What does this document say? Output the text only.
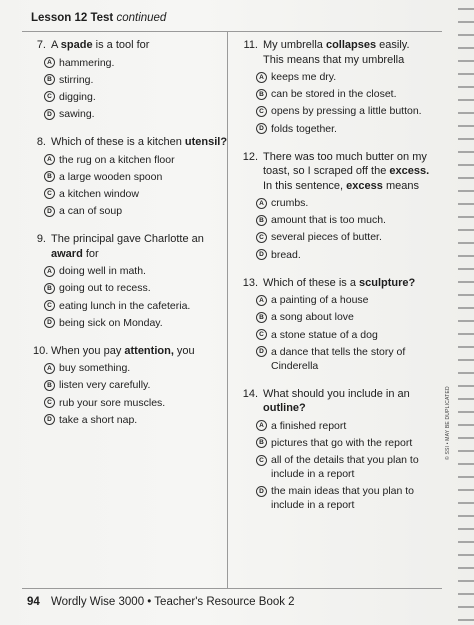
Lesson 12 Test continued
7. A spade is a tool for
A hammering.
B stirring.
C digging.
D sawing.
8. Which of these is a kitchen utensil?
A the rug on a kitchen floor
B a large wooden spoon
C a kitchen window
D a can of soup
9. The principal gave Charlotte an award for
A doing well in math.
B going out to recess.
C eating lunch in the cafeteria.
D being sick on Monday.
10. When you pay attention, you
A buy something.
B listen very carefully.
C rub your sore muscles.
D take a short nap.
11. My umbrella collapses easily. This means that my umbrella
A keeps me dry.
B can be stored in the closet.
C opens by pressing a little button.
D folds together.
12. There was too much butter on my toast, so I scraped off the excess. In this sentence, excess means
A crumbs.
B amount that is too much.
C several pieces of butter.
D bread.
13. Which of these is a sculpture?
A a painting of a house
B a song about love
C a stone statue of a dog
D a dance that tells the story of Cinderella
14. What should you include in an outline?
A a finished report
B pictures that go with the report
C all of the details that you plan to include in a report
D the main ideas that you plan to include in a report
94 Wordly Wise 3000 • Teacher's Resource Book 2
© SSI • MAY BE DUPLICATED
